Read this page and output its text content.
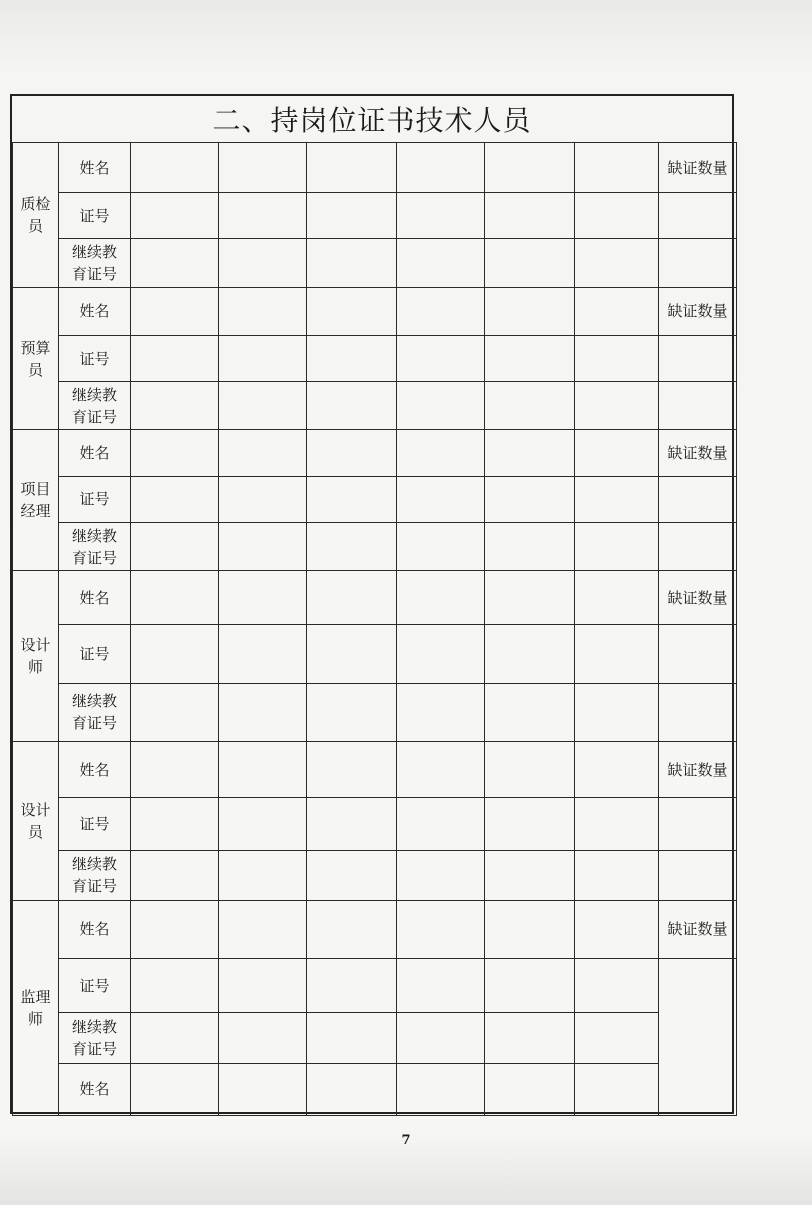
二、持岗位证书技术人员
质检
员	姓名							缺证数量
	证号							

	继续教
育证号							

预算
员	姓名							缺证数量
	证号							

	继续教
育证号							

项目
经理	姓名							缺证数量
	证号							

	继续教
育证号							

设计
师	姓名							缺证数量
	证号							

	继续教
育证号							

设计
员	姓名							缺证数量
	证号							

	继续教
育证号							

监理
师	姓名							缺证数量
	证号							

	继续教
育证号							

	姓名							
7
